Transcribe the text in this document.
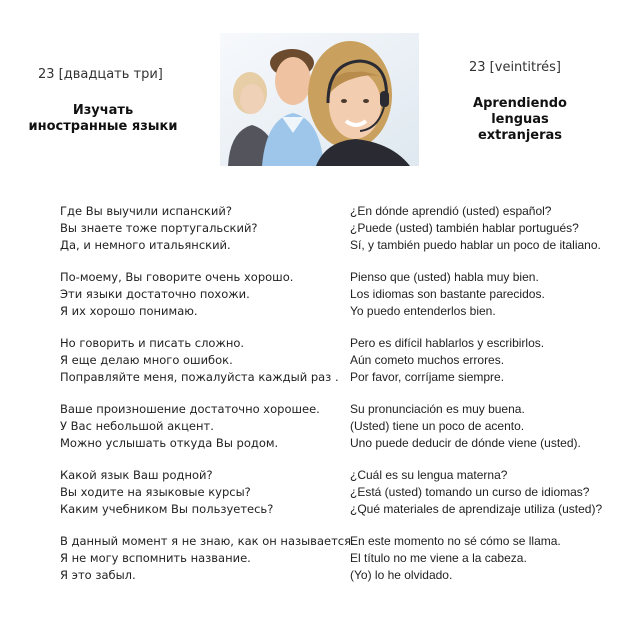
23 [двадцать три]
Изучать
иностранные языки
23 [veintitrés]
Aprendiendo
lenguas
extranjeras
Где Вы выучили испанский?
Вы знаете тоже португальский?
Да, и немного итальянский.
По-моему, Вы говорите очень хорошо.
Эти языки достаточно похожи.
Я их хорошо понимаю.
Но говорить и писать сложно.
Я еще делаю много ошибок.
Поправляйте меня, пожалуйста каждый раз .
Ваше произношение достаточно хорошее.
У Вас небольшой акцент.
Можно услышать откуда Вы родом.
Какой язык Ваш родной?
Вы ходите на языковые курсы?
Каким учебником Вы пользуетесь?
В данный момент я не знаю, как он называется.
Я не могу вспомнить название.
Я это забыл.
¿En dónde aprendió (usted) español?
¿Puede (usted) también hablar portugués?
Sí, y también puedo hablar un poco de italiano.
Pienso que (usted) habla muy bien.
Los idiomas son bastante parecidos.
Yo puedo entenderlos bien.
Pero es difícil hablarlos y escribirlos.
Aún cometo muchos errores.
Por favor, corríjame siempre.
Su pronunciación es muy buena.
(Usted) tiene un poco de acento.
Uno puede deducir de dónde viene (usted).
¿Cuál es su lengua materna?
¿Está (usted) tomando un curso de idiomas?
¿Qué materiales de aprendizaje utiliza (usted)?
En este momento no sé cómo se llama.
El título no me viene a la cabeza.
(Yo) lo he olvidado.
